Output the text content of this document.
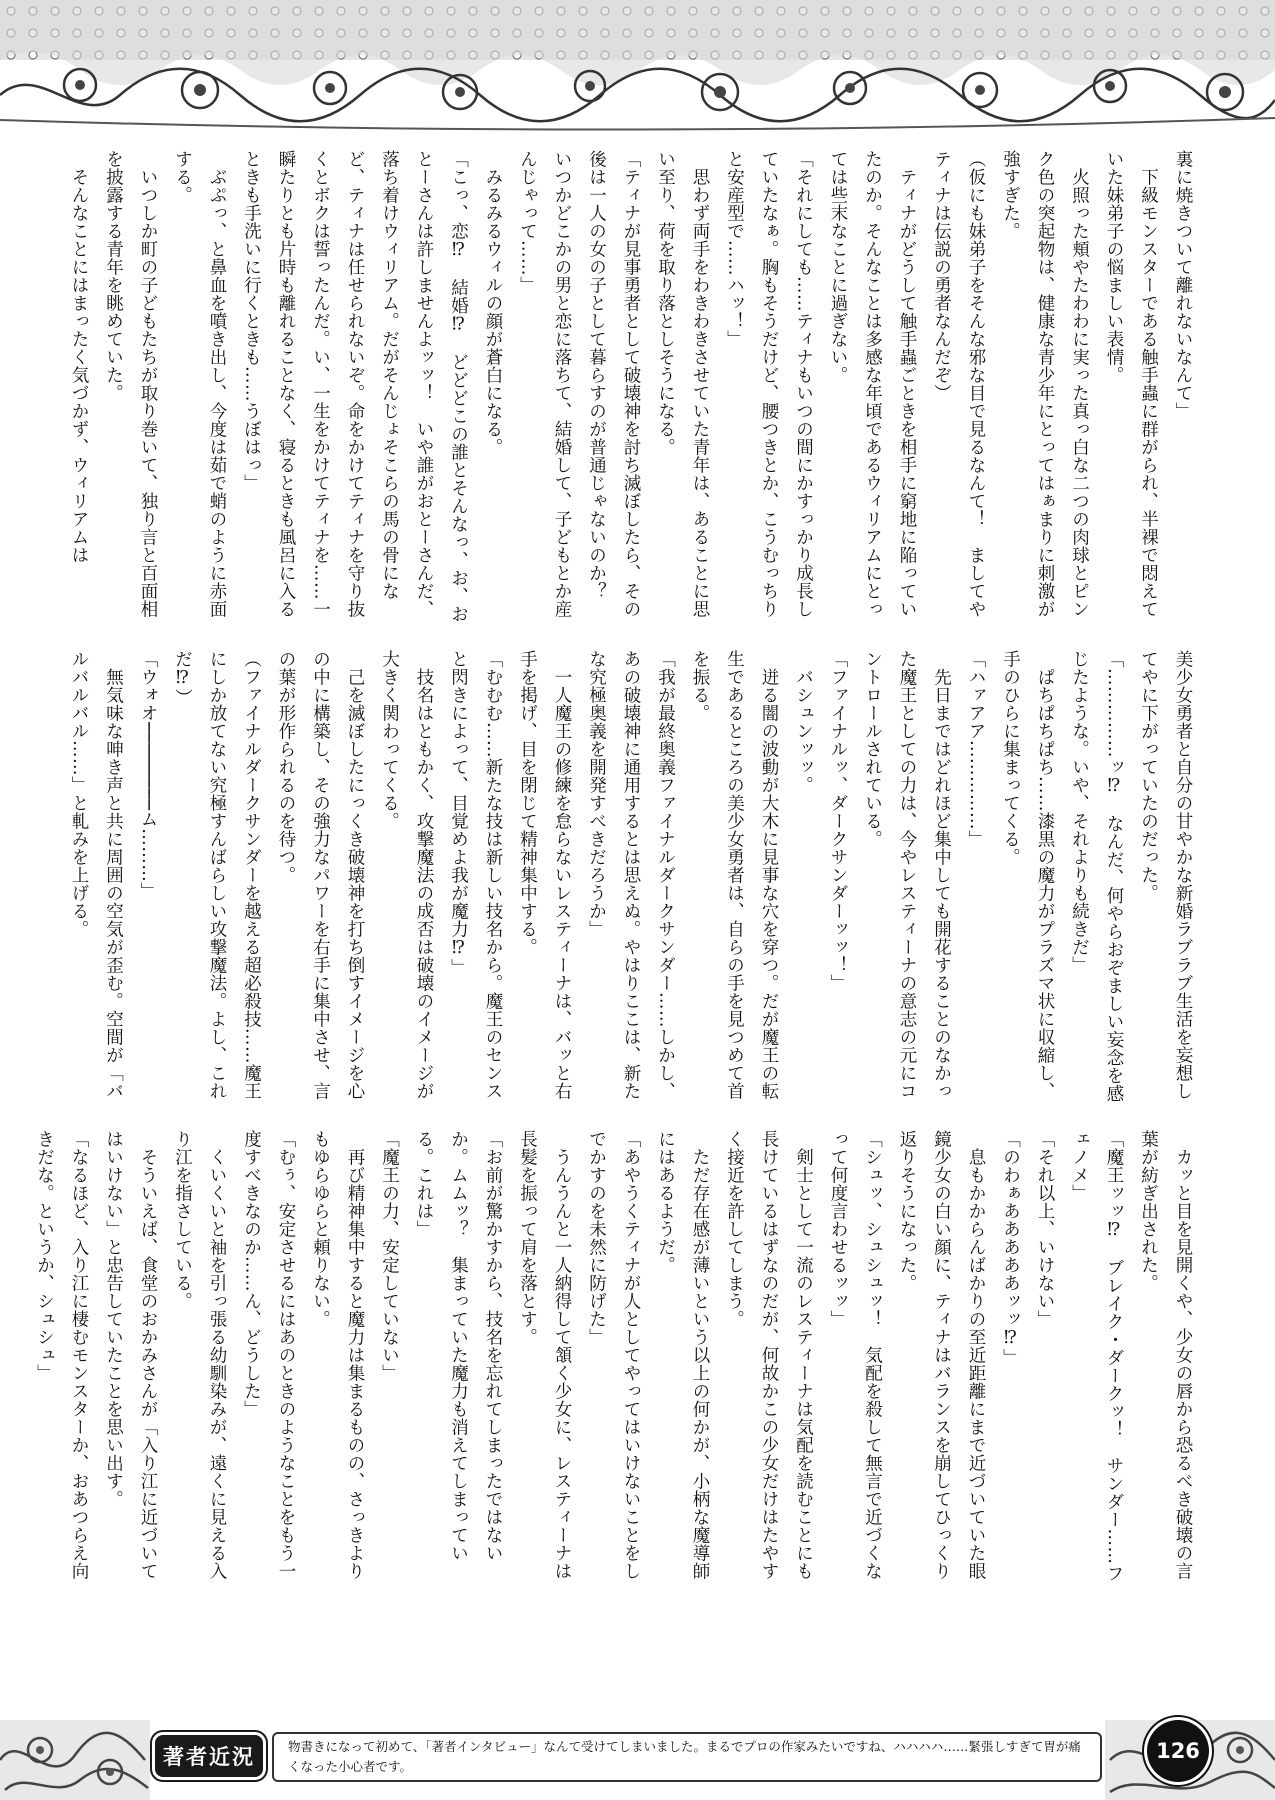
裏に焼きついて離れないなんて」
　下級モンスターである触手蟲に群がられ、半裸で悶えていた妹弟子の悩ましい表情。
　火照った頬やたわわに実った真っ白な二つの肉球とピンク色の突起物は、健康な青少年にとってはぁまりに刺激が強すぎた。
（仮にも妹弟子をそんな邪な目で見るなんて！　ましてやティナは伝説の勇者なんだぞ）
　ティナがどうして触手蟲ごときを相手に窮地に陥っていたのか。そんなことは多感な年頃であるウィリアムにとっては些末なことに過ぎない。
「それにしても……ティナもいつの間にかすっかり成長していたなぁ。胸もそうだけど、腰つきとか、こうむっちりと安産型で……ハッ！」
　思わず両手をわきわきさせていた青年は、あることに思い至り、荷を取り落としそうになる。
「ティナが見事勇者として破壊神を討ち滅ぼしたら、その後は一人の女の子として暮らすのが普通じゃないのか？　いつかどこかの男と恋に落ちて、結婚して、子どもとか産んじゃって……」
　みるみるウィルの顔が蒼白になる。
「こっ、恋⁉　結婚⁉　どどどこの誰とそんなっ、お、おとーさんは許しませんよッッ！　いや誰がおとーさんだ、落ち着けウィリアム。だがそんじょそこらの馬の骨になど、ティナは任せられないぞ。命をかけてティナを守り抜くとボクは誓ったんだ。い、一生をかけてティナを……一瞬たりとも片時も離れることなく、寝るときも風呂に入るときも手洗いに行くときも……うぼはっ」
　ぶぷっ、と鼻血を噴き出し、今度は茹で蛸のように赤面する。
　いつしか町の子どもたちが取り巻いて、独り言と百面相を披露する青年を眺めていた。
　そんなことにはまったく気づかず、ウィリアムは
美少女勇者と自分の甘やかな新婚ラブラブ生活を妄想してやに下がっていたのだった。
「……………ッ⁉　なんだ、何やらおぞましい妄念を感じたような。いや、それよりも続きだ」
　ぱちぱちぱち……漆黒の魔力がプラズマ状に収縮し、手のひらに集まってくる。
「ハァアア……………」
　先日まではどれほど集中しても開花することのなかった魔王としての力は、今やレスティーナの意志の元にコントロールされている。
「ファイナルッ、ダークサンダーッッ！」
　バシュンッッ。
　迸る闇の波動が大木に見事な穴を穿つ。だが魔王の転生であるところの美少女勇者は、自らの手を見つめて首を振る。
「我が最終奥義ファイナルダークサンダー……しかし、あの破壊神に通用するとは思えぬ。やはりここは、新たな究極奥義を開発すべきだろうか」
　一人魔王の修練を怠らないレスティーナは、バッと右手を掲げ、目を閉じて精神集中する。
「むむむ……新たな技は新しい技名から。魔王のセンスと閃きによって、目覚めよ我が魔力⁉」
　技名はともかく、攻撃魔法の成否は破壊のイメージが大きく関わってくる。
　己を滅ぼしたにっくき破壊神を打ち倒すイメージを心の中に構築し、その強力なパワーを右手に集中させ、言の葉が形作られるのを待つ。
（ファイナルダークサンダーを越える超必殺技……魔王にしか放てない究極すんばらしい攻撃魔法。よし、これだ⁉）
「ウォオ────────ム………」
　無気味な呻き声と共に周囲の空気が歪む。空間が「バルバルバル……」と軋みを上げる。
　カッと目を見開くや、少女の唇から恐るべき破壊の言葉が紡ぎ出された。
「魔王ッッ⁉　ブレイク・ダークッ！　サンダー……フェノメ」
「それ以上、いけない」
「のわぁあああああッッ⁉」
　息もかからんばかりの至近距離にまで近づいていた眼鏡少女の白い顔に、ティナはバランスを崩してひっくり返りそうになった。
「シュッ、シュシュッ！　気配を殺して無言で近づくなって何度言わせるッッ」
　剣士として一流のレスティーナは気配を読むことにも長けているはずなのだが、何故かこの少女だけはたやすく接近を許してしまう。
　ただ存在感が薄いという以上の何かが、小柄な魔導師にはあるようだ。
「あやうくティナが人としてやってはいけないことをしでかすのを未然に防げた」
　うんうんと一人納得して頷く少女に、レスティーナは長髪を振って肩を落とす。
「お前が驚かすから、技名を忘れてしまったではないか。ムムッ？　集まっていた魔力も消えてしまっている。これは」
「魔王の力、安定していない」
　再び精神集中すると魔力は集まるものの、さっきよりもゆらゆらと頼りない。
「むぅ、安定させるにはあのときのようなことをもう一度すべきなのか……ん、どうした」
　くいくいと袖を引っ張る幼馴染みが、遠くに見える入り江を指さしている。
　そういえば、食堂のおかみさんが「入り江に近づいてはいけない」と忠告していたことを思い出す。
「なるほど、入り江に棲むモンスターか、おあつらえ向きだな。というか、シュシュ」
著者近況	物書きになって初めて、「著者インタビュー」なんて受けてしまいました。まるでプロの作家みたいですね、ハハハハ……緊張しすぎて胃が痛くなった小心者です。
126
